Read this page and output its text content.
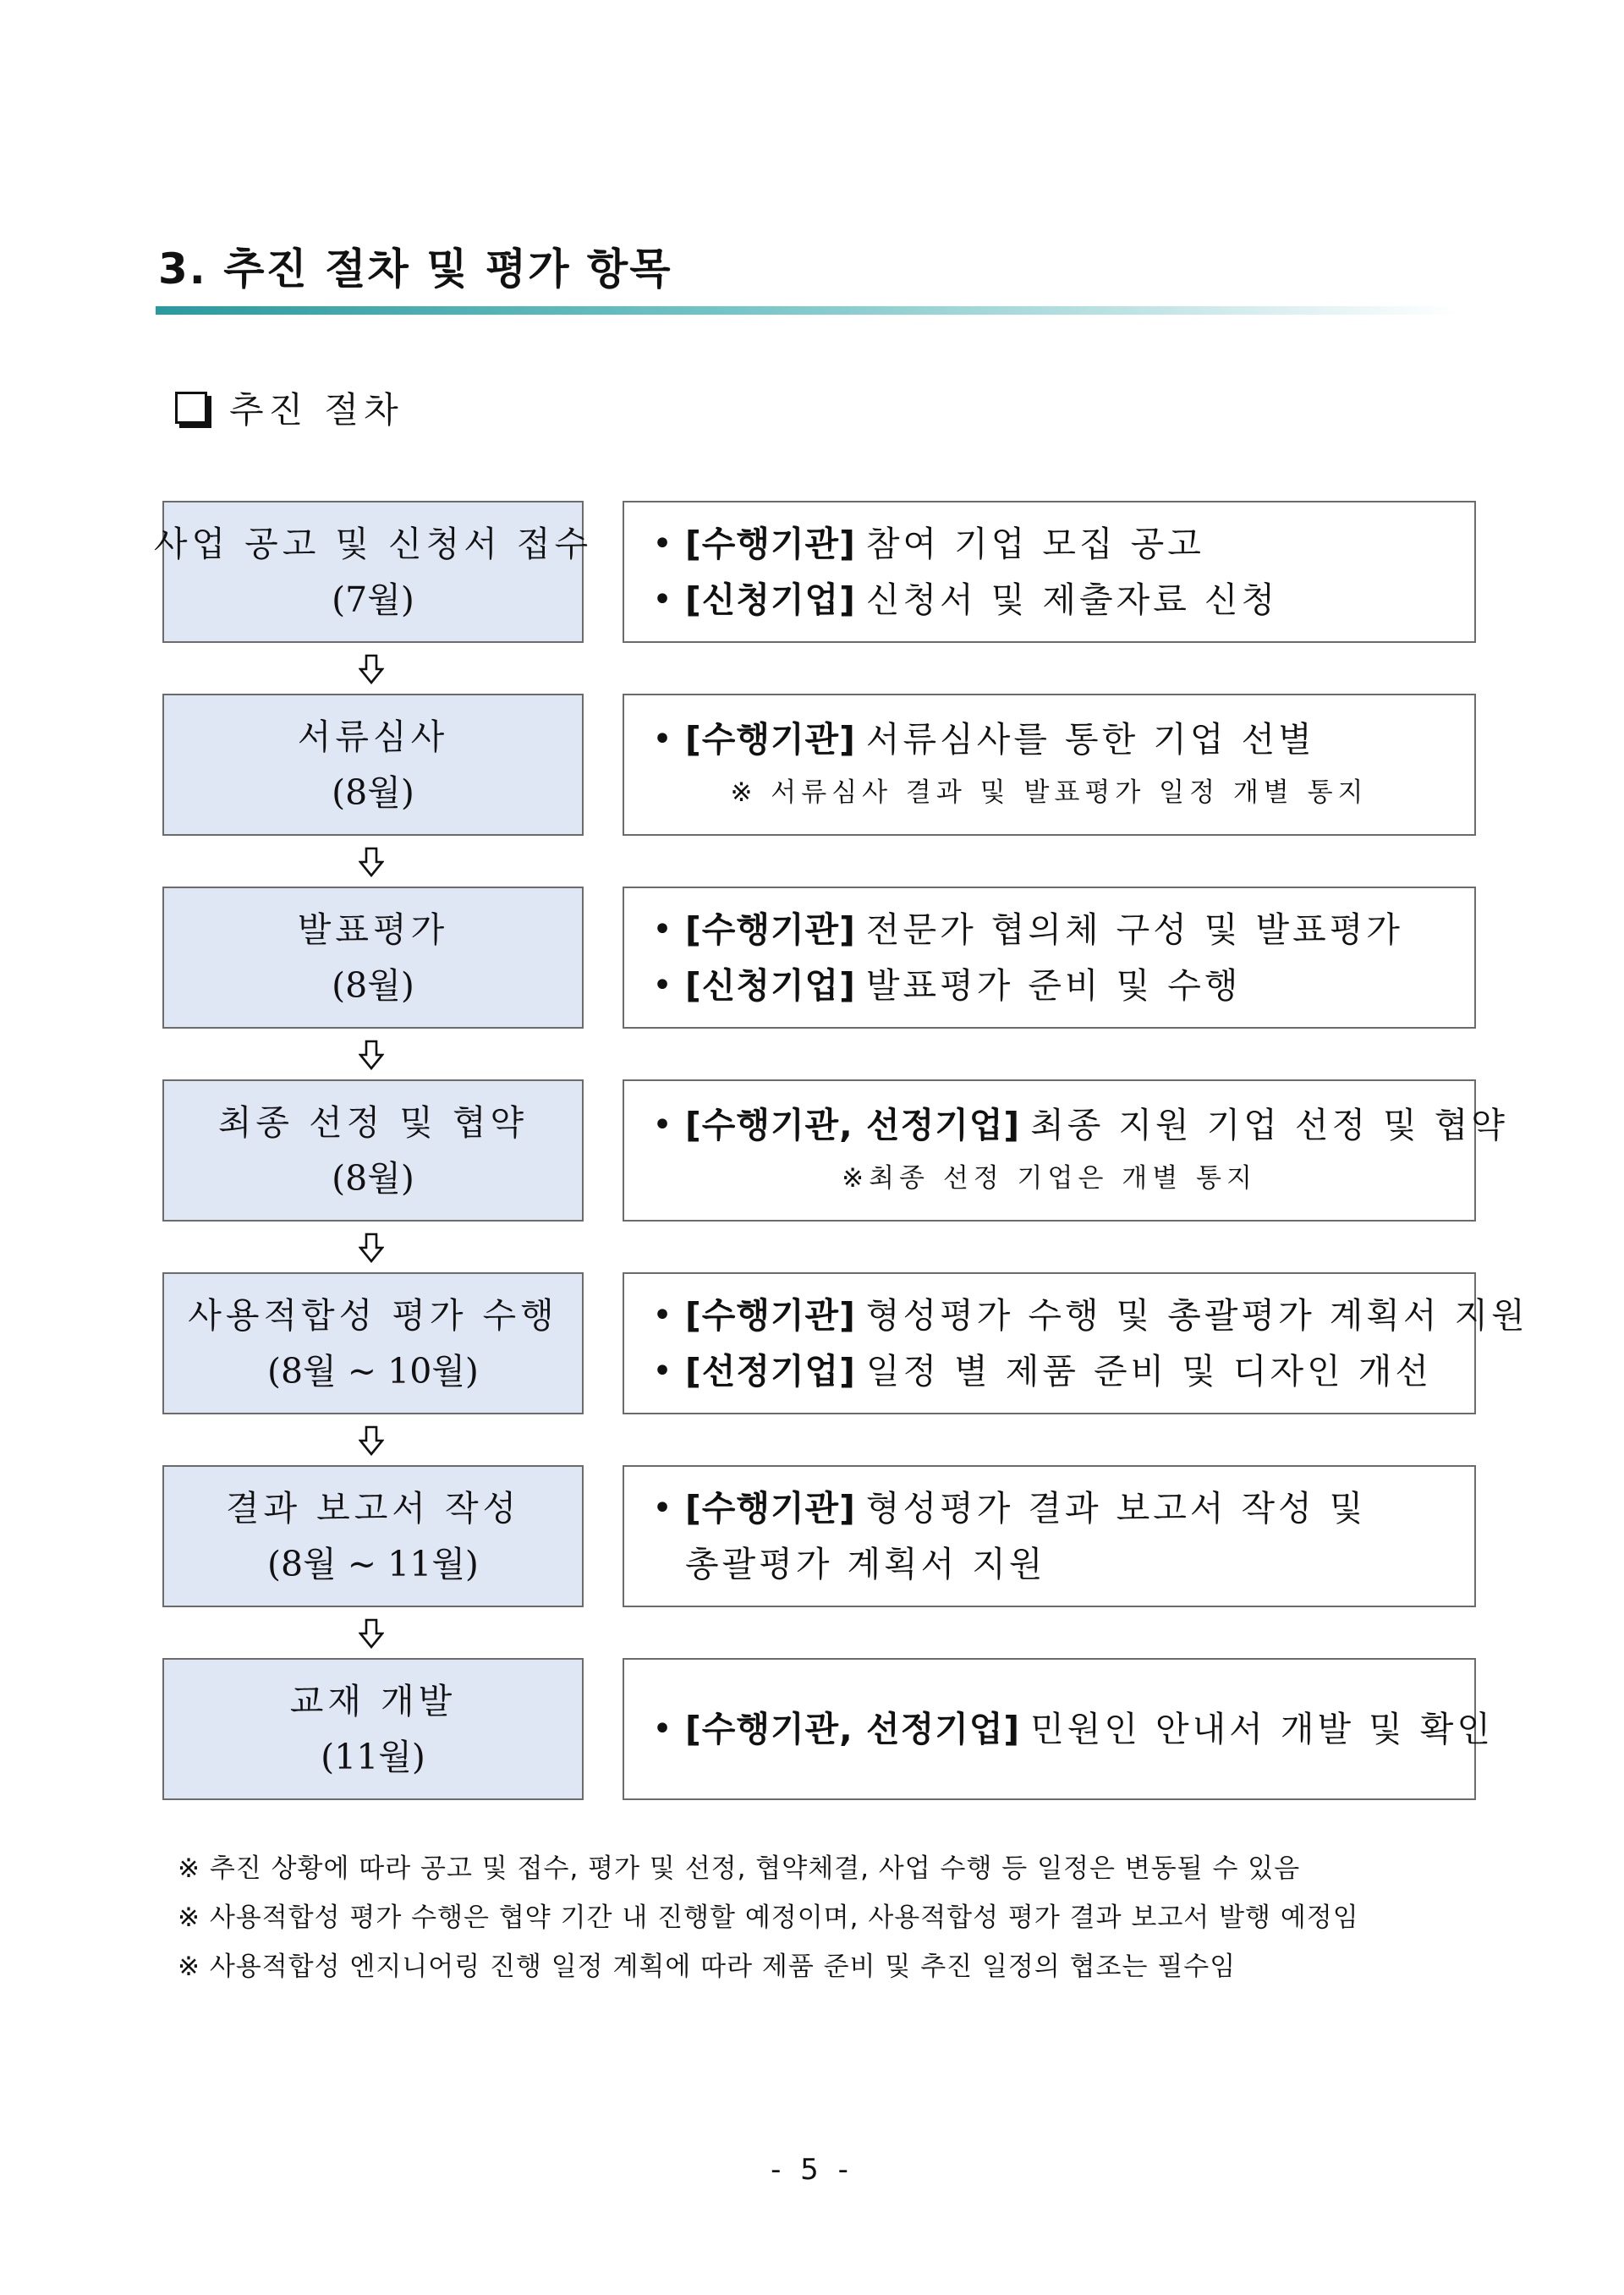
3. 추진 절차 및 평가 항목
추진 절차
사업 공고 및 신청서 접수
(7월)
• [수행기관] 참여 기업 모집 공고
• [신청기업] 신청서 및 제출자료 신청
서류심사
(8월)
• [수행기관] 서류심사를 통한 기업 선별
※ 서류심사 결과 및 발표평가 일정 개별 통지
발표평가
(8월)
• [수행기관] 전문가 협의체 구성 및 발표평가
• [신청기업] 발표평가 준비 및 수행
최종 선정 및 협약
(8월)
• [수행기관, 선정기업] 최종 지원 기업 선정 및 협약
※최종 선정 기업은 개별 통지
사용적합성 평가 수행
(8월 ~ 10월)
• [수행기관] 형성평가 수행 및 총괄평가 계획서 지원
• [선정기업] 일정 별 제품 준비 및 디자인 개선
결과 보고서 작성
(8월 ~ 11월)
• [수행기관] 형성평가 결과 보고서 작성 및
총괄평가 계획서 지원
교재 개발
(11월)
• [수행기관, 선정기업] 민원인 안내서 개발 및 확인
※ 추진 상황에 따라 공고 및 접수, 평가 및 선정, 협약체결, 사업 수행 등 일정은 변동될 수 있음
※ 사용적합성 평가 수행은 협약 기간 내 진행할 예정이며, 사용적합성 평가 결과 보고서 발행 예정임
※ 사용적합성 엔지니어링 진행 일정 계획에 따라 제품 준비 및 추진 일정의 협조는 필수임
- 5 -
